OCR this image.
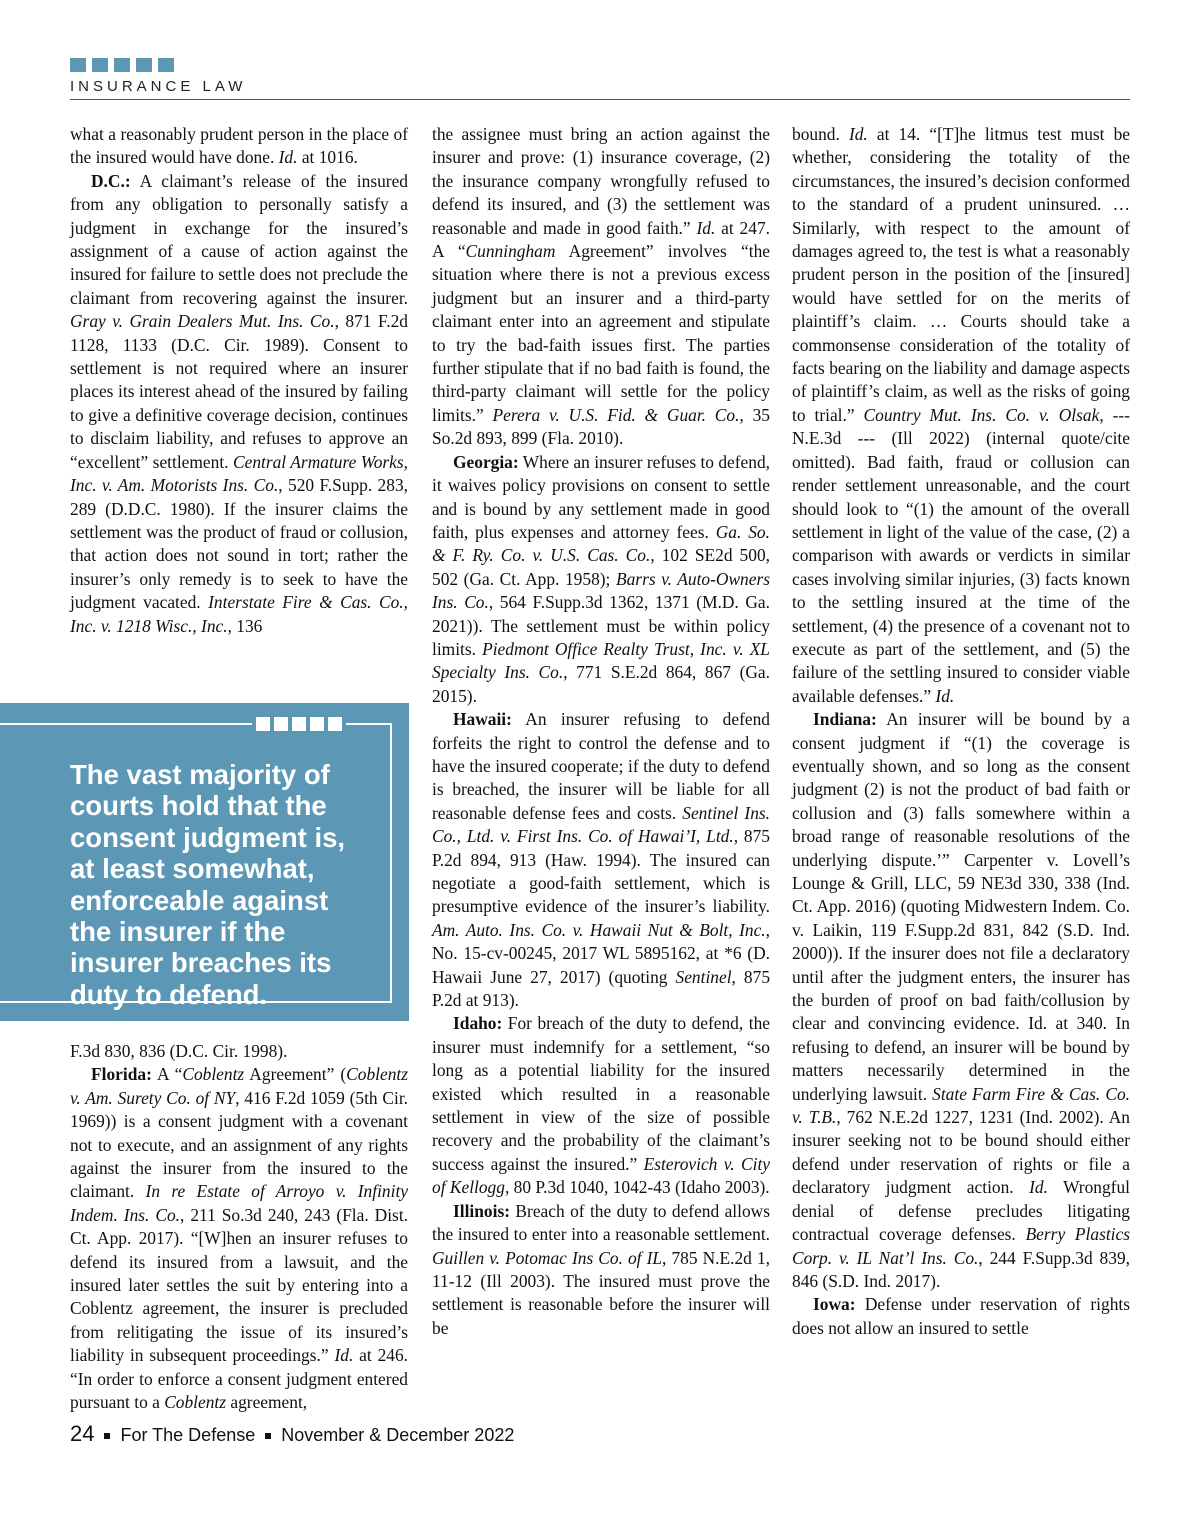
INSURANCE LAW

what a reasonably prudent person in the place of the insured would have done. Id. at 1016.

D.C.: A claimant’s release of the insured from any obligation to personally satisfy a judgment in exchange for the insured’s assignment of a cause of action against the insured for failure to settle does not preclude the claimant from recovering against the insurer. Gray v. Grain Dealers Mut. Ins. Co., 871 F.2d 1128, 1133 (D.C. Cir. 1989). Consent to settlement is not required where an insurer places its interest ahead of the insured by failing to give a definitive coverage decision, continues to disclaim liability, and refuses to approve an “excellent” settlement. Central Armature Works, Inc. v. Am. Motorists Ins. Co., 520 F.Supp. 283, 289 (D.D.C. 1980). If the insurer claims the settlement was the product of fraud or collusion, that action does not sound in tort; rather the insurer’s only remedy is to seek to have the judgment vacated. Interstate Fire & Cas. Co., Inc. v. 1218 Wisc., Inc., 136

The vast majority of courts hold that the consent judgment is, at least somewhat, enforceable against the insurer if the insurer breaches its duty to defend.

F.3d 830, 836 (D.C. Cir. 1998).

Florida: A “Coblentz Agreement” (Coblentz v. Am. Surety Co. of NY, 416 F.2d 1059 (5th Cir. 1969)) is a consent judgment with a covenant not to execute, and an assignment of any rights against the insurer from the insured to the claimant. In re Estate of Arroyo v. Infinity Indem. Ins. Co., 211 So.3d 240, 243 (Fla. Dist. Ct. App. 2017). “[W]hen an insurer refuses to defend its insured from a lawsuit, and the insured later settles the suit by entering into a Coblentz agreement, the insurer is precluded from relitigating the issue of its insured’s liability in subsequent proceedings.” Id. at 246. “In order to enforce a consent judgment entered pursuant to a Coblentz agreement,

the assignee must bring an action against the insurer and prove: (1) insurance coverage, (2) the insurance company wrongfully refused to defend its insured, and (3) the settlement was reasonable and made in good faith.” Id. at 247. A “Cunningham Agreement” involves “the situation where there is not a previous excess judgment but an insurer and a third-party claimant enter into an agreement and stipulate to try the bad-faith issues first. The parties further stipulate that if no bad faith is found, the third-party claimant will settle for the policy limits.” Perera v. U.S. Fid. & Guar. Co., 35 So.2d 893, 899 (Fla. 2010).

Georgia: Where an insurer refuses to defend, it waives policy provisions on consent to settle and is bound by any settlement made in good faith, plus expenses and attorney fees. Ga. So. & F. Ry. Co. v. U.S. Cas. Co., 102 SE2d 500, 502 (Ga. Ct. App. 1958); Barrs v. Auto-Owners Ins. Co., 564 F.Supp.3d 1362, 1371 (M.D. Ga. 2021)). The settlement must be within policy limits. Piedmont Office Realty Trust, Inc. v. XL Specialty Ins. Co., 771 S.E.2d 864, 867 (Ga. 2015).

Hawaii: An insurer refusing to defend forfeits the right to control the defense and to have the insured cooperate; if the duty to defend is breached, the insurer will be liable for all reasonable defense fees and costs. Sentinel Ins. Co., Ltd. v. First Ins. Co. of Hawai’I, Ltd., 875 P.2d 894, 913 (Haw. 1994). The insured can negotiate a good-faith settlement, which is presumptive evidence of the insurer’s liability. Am. Auto. Ins. Co. v. Hawaii Nut & Bolt, Inc., No. 15-cv-00245, 2017 WL 5895162, at *6 (D. Hawaii June 27, 2017) (quoting Sentinel, 875 P.2d at 913).

Idaho: For breach of the duty to defend, the insurer must indemnify for a settlement, “so long as a potential liability for the insured existed which resulted in a reasonable settlement in view of the size of possible recovery and the probability of the claimant’s success against the insured.” Esterovich v. City of Kellogg, 80 P.3d 1040, 1042-43 (Idaho 2003).

Illinois: Breach of the duty to defend allows the insured to enter into a reasonable settlement. Guillen v. Potomac Ins Co. of IL, 785 N.E.2d 1, 11-12 (Ill 2003). The insured must prove the settlement is reasonable before the insurer will be

bound. Id. at 14. “[T]he litmus test must be whether, considering the totality of the circumstances, the insured’s decision conformed to the standard of a prudent uninsured. … Similarly, with respect to the amount of damages agreed to, the test is what a reasonably prudent person in the position of the [insured] would have settled for on the merits of plaintiff’s claim. … Courts should take a commonsense consideration of the totality of facts bearing on the liability and damage aspects of plaintiff’s claim, as well as the risks of going to trial.” Country Mut. Ins. Co. v. Olsak, --- N.E.3d --- (Ill 2022) (internal quote/cite omitted). Bad faith, fraud or collusion can render settlement unreasonable, and the court should look to “(1) the amount of the overall settlement in light of the value of the case, (2) a comparison with awards or verdicts in similar cases involving similar injuries, (3) facts known to the settling insured at the time of the settlement, (4) the presence of a covenant not to execute as part of the settlement, and (5) the failure of the settling insured to consider viable available defenses.” Id.

Indiana: An insurer will be bound by a consent judgment if “(1) the coverage is eventually shown, and so long as the consent judgment (2) is not the product of bad faith or collusion and (3) falls somewhere within a broad range of reasonable resolutions of the underlying dispute.’” Carpenter v. Lovell’s Lounge & Grill, LLC, 59 NE3d 330, 338 (Ind. Ct. App. 2016) (quoting Midwestern Indem. Co. v. Laikin, 119 F.Supp.2d 831, 842 (S.D. Ind. 2000)). If the insurer does not file a declaratory until after the judgment enters, the insurer has the burden of proof on bad faith/collusion by clear and convincing evidence. Id. at 340. In refusing to defend, an insurer will be bound by matters necessarily determined in the underlying lawsuit. State Farm Fire & Cas. Co. v. T.B., 762 N.E.2d 1227, 1231 (Ind. 2002). An insurer seeking not to be bound should either defend under reservation of rights or file a declaratory judgment action. Id. Wrongful denial of defense precludes litigating contractual coverage defenses. Berry Plastics Corp. v. IL Nat’l Ins. Co., 244 F.Supp.3d 839, 846 (S.D. Ind. 2017).

Iowa: Defense under reservation of rights does not allow an insured to settle

24 For The Defense November & December 2022
